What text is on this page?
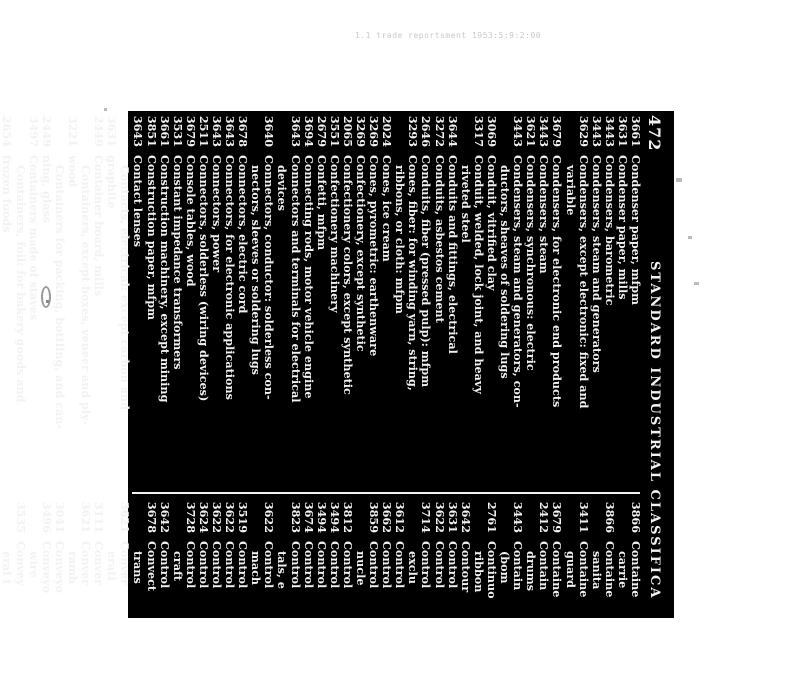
1.1 trade reportsment 1953:5:9:2:00
472
STANDARD INDUSTRIAL CLASSIFICA
3661
Condenser paper, mfpm
3631
Condenser paper, mills
3443
Condensers, barometric
3443
Condensers, steam and generators
3629
Condensers, except electronic: fixed and
variable
3679
Condensers, for electronic end products
3443
Condensers, steam
3621
Condensers, synchronous: electric
3443
Condensers, steam and generators, con-
ductors, sheaves of soldering lugs
3069
Conduit, vitrified clay
3317
Conduit, welded, lock joint, and heavy
riveted steel
3644
Conduits and fittings, electrical
3272
Conduits, asbestos cement
2646
Conduits, fiber (pressed pulp): mfpm
3293
Cones, fiber: for winding yarn, string,
ribbons, or cloth: mfpm
2024
Cones, ice cream
3269
Cones, pyrometric: earthenware
3269
Confectionery, except synthetic
2065
Confectionery colors, except synthetic
3551
Confectionery machinery
2679
Confetti, mfpm
3694
Connecting rods, motor vehicle engine
3643
Connectors and terminals for electrical
devices
3640
Connectors, conductor: solderless con-
nectors, sleeves or soldering lugs
3678
Connectors, electric cord
3643
Connectors, for electronic applications
3643
Connectors, power
2511
Connectors, solderless (wiring devices)
3679
Console tables, wood
3531
Constant impedance transformers
3661
Construction machinery, except mining
3851
Construction paper, mfpm
3643
Contact lenses
Contacts, electrical: except carbon and
3631
graphite
2449
Container board, mills
Containers, except boxes, veneer and ply-
3221
wood
Containers for packing, bottling, and can-
2449
ning, glass
3497
Containers made of staves
Containers, foil: for bakery goods and
2654
frozen foods
3866
Containe
carrie
3866
Containe
sanita
3411
Containe
guard
3679
Containe
2412
Contain
drums
3443
Contain
(bom
2761
Continuo
ribbon
3642
Contour
3631
Control
3622
Control
3714
Control
exclu
3612
Control
3662
Control
3859
Control
nucle
3812
Control
3494
Control
3494
Control
3674
Control
3823
Control
tals, e
3622
Control
mach
3519
Control
3622
Control
3622
Control
3624
Control
3728
Control
craft
3642
Control
3678
Convect
trans
3621
Conver
erati
3111
Conver
3621
Conver
ramb
3041
Conveyo
3496
Conveyo
wire
3535
Convey
eral i
